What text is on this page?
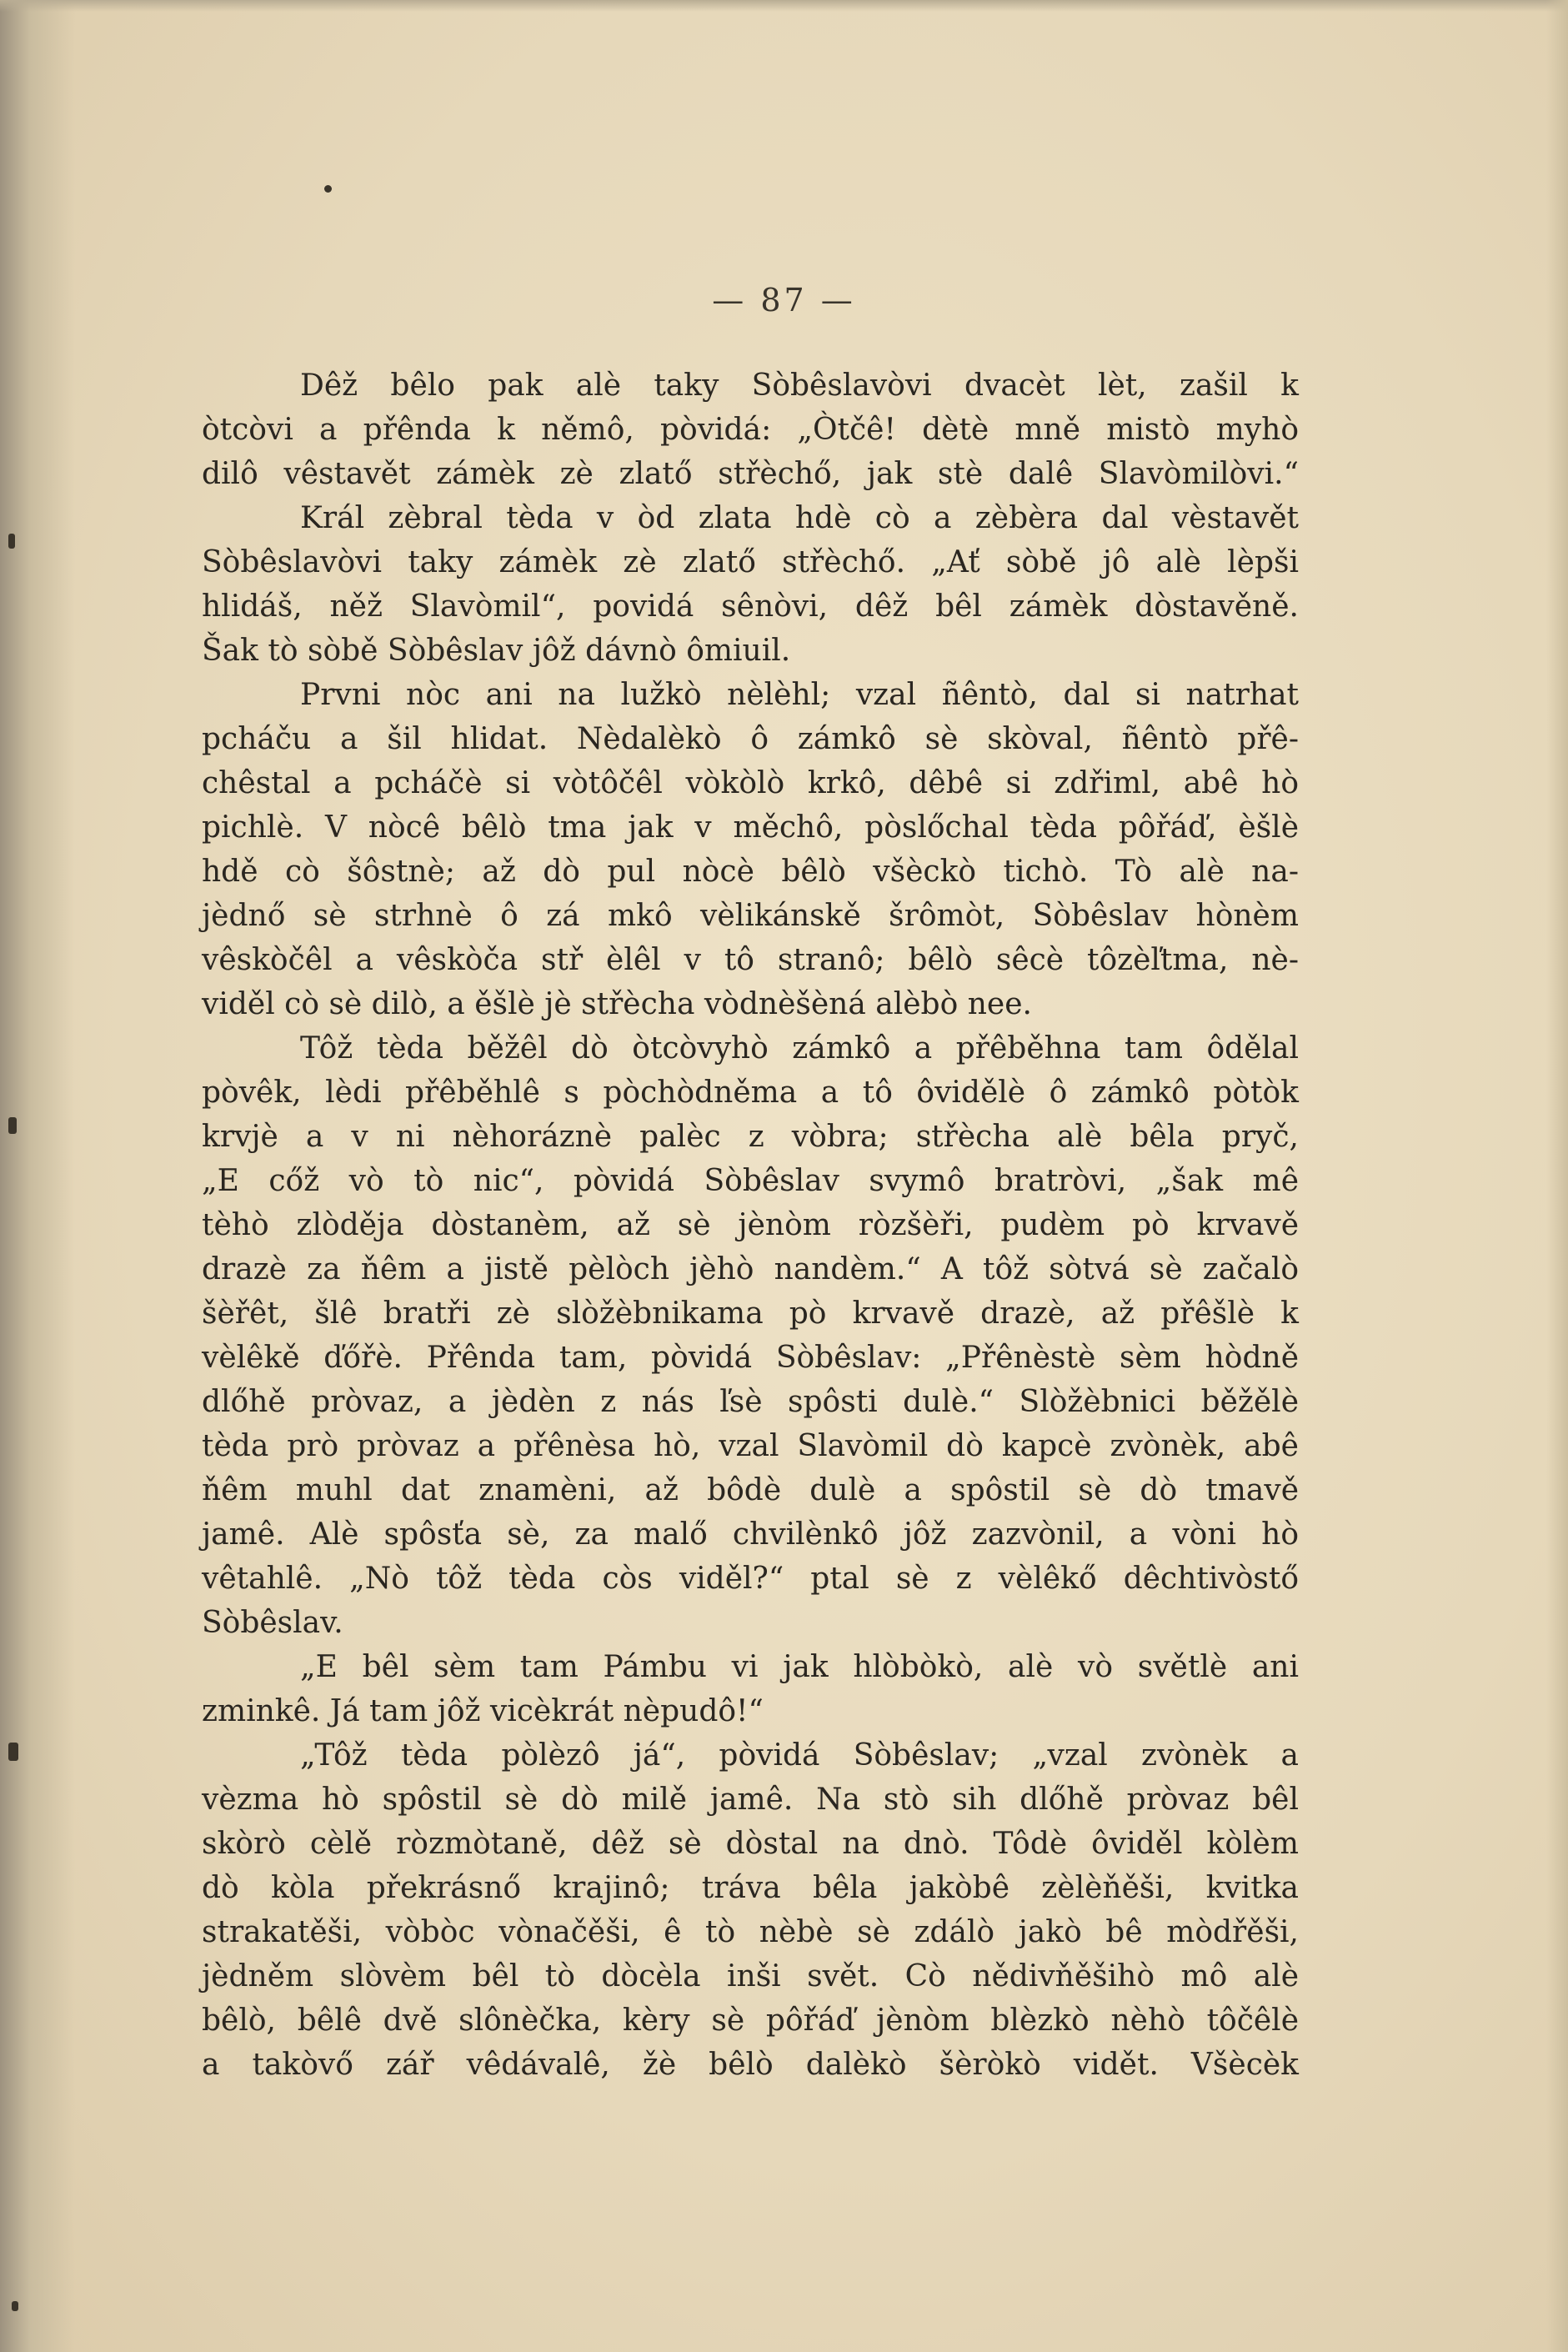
— 87 —
Dêž bêlo pak alè taky Sòbêslavòvi dvacèt lèt, zašil k
òtcòvi a přênda k němô, pòvidá: „Òtčê! dètè mně mistò myhò
dilô vêstavět zámèk zè zlatő střèchő, jak stè dalê Slavòmilòvi.“
Král zèbral tèda v òd zlata hdè cò a zèbèra dal vèstavět
Sòbêslavòvi taky zámèk zè zlatő střèchő. „Ať sòbě jô alè lèpši
hlidáš, něž Slavòmil“, povidá sênòvi, dêž bêl zámèk dòstavěně.
Šak tò sòbě Sòbêslav jôž dávnò ômiuil.
Prvni nòc ani na lužkò nèlèhl; vzal ñêntò, dal si natrhat
pcháču a šil hlidat. Nèdalèkò ô zámkô sè skòval, ñêntò přê-
chêstal a pcháčè si vòtôčêl vòkòlò krkô, dêbê si zdřiml, abê hò
pichlè. V nòcê bêlò tma jak v měchô, pòslőchal tèda pôřáď, èšlè
hdě cò šôstnè; až dò pul nòcè bêlò všèckò tichò. Tò alè na-
jèdnő sè strhnè ô zá mkô vèlikánskě šrômòt, Sòbêslav hònèm
vêskòčêl a vêskòča stř èlêl v tô stranô; bêlò sêcè tôzèľtma, nè-
viděl cò sè dilò, a ěšlè jè střècha vòdnèšèná alèbò nee.
Tôž tèda běžêl dò òtcòvyhò zámkô a přêběhna tam ôdělal
pòvêk, lèdi přêběhlê s pòchòdněma a tô ôvidělè ô zámkô pòtòk
krvjè a v ni nèhoráznè palèc z vòbra; střècha alè bêla pryč,
„E cőž vò tò nic“, pòvidá Sòbêslav svymô bratròvi, „šak mê
tèhò zlòděja dòstanèm, až sè jènòm ròzšèři, pudèm pò krvavě
drazè za ňêm a jistě pèlòch jèhò nandèm.“ A tôž sòtvá sè začalò
šèřêt, šlê bratři zè slòžèbnikama pò krvavě drazè, až přêšlè k
vèlêkě ďőřè. Přênda tam, pòvidá Sòbêslav: „Přênèstè sèm hòdně
dlőhě pròvaz, a jèdèn z nás ľsè spôsti dulè.“ Slòžèbnici běžělè
tèda prò pròvaz a přênèsa hò, vzal Slavòmil dò kapcè zvònèk, abê
ňêm muhl dat znamèni, až bôdè dulè a spôstil sè dò tmavě
jamê. Alè spôsťa sè, za malő chvilènkô jôž zazvònil, a vòni hò
vêtahlê. „Nò tôž tèda còs viděl?“ ptal sè z vèlêkő dêchtivòstő
Sòbêslav.
„E bêl sèm tam Pámbu vi jak hlòbòkò, alè vò světlè ani
zminkê. Já tam jôž vicèkrát nèpudô!“
„Tôž tèda pòlèzô já“, pòvidá Sòbêslav; „vzal zvònèk a
vèzma hò spôstil sè dò milě jamê. Na stò sih dlőhě pròvaz bêl
skòrò cèlě ròzmòtaně, dêž sè dòstal na dnò. Tôdè ôviděl kòlèm
dò kòla překrásnő krajinô; tráva bêla jakòbê zèlèňěši, kvitka
strakatěši, vòbòc vònačěši, ê tò nèbè sè zdálò jakò bê mòdřěši,
jèdněm slòvèm bêl tò dòcèla inši svět. Cò nědivňěšihò mô alè
bêlò, bêlê dvě slônèčka, kèry sè pôřáď jènòm blèzkò nèhò tôčêlè
a takòvő zář vêdávalê, žè bêlò dalèkò šèròkò vidět. Všècèk
